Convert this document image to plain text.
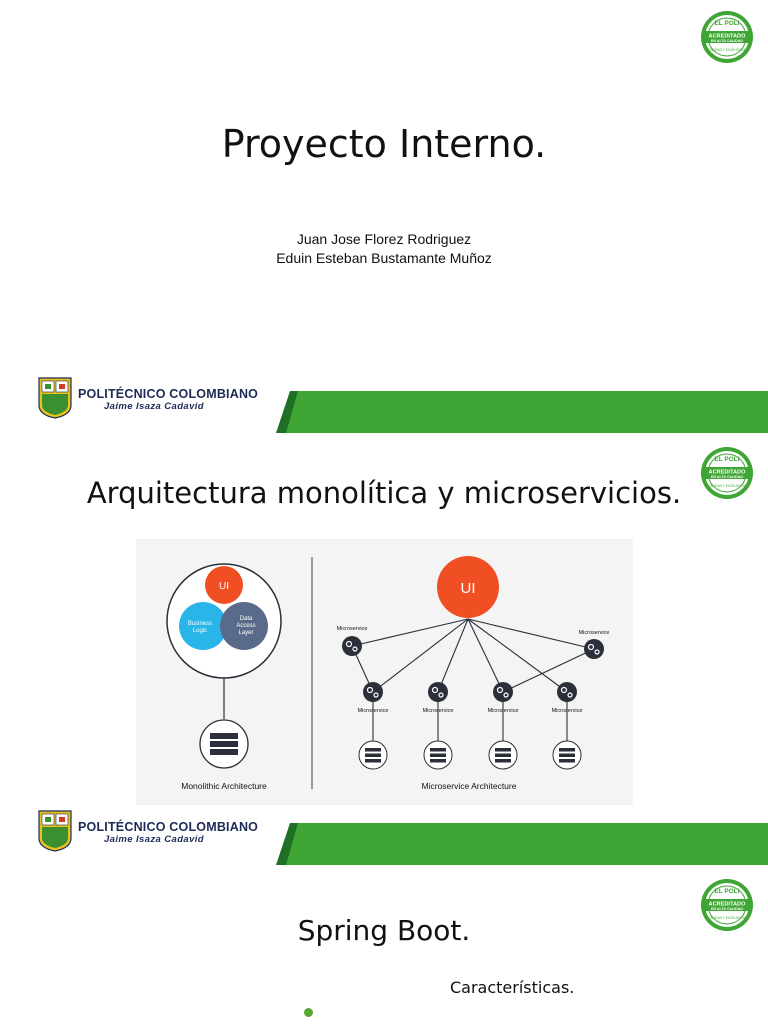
EL POLI
ACREDITADO
EN ALTA CALIDAD
CALIDAD Y EXCELENCIA
Proyecto Interno.
Juan Jose Florez Rodriguez
Eduin Esteban Bustamante Muñoz
POLITÉCNICO COLOMBIANO
Jaime Isaza Cadavid
EL POLI
ACREDITADO
EN ALTA CALIDAD
CALIDAD Y EXCELENCIA
Arquitectura monolítica y microservicios.
UI
Business
Logic
Data
Access
Layer
Monolithic Architecture
UI
Microservice
Microservice
Microservice	Microservice	Microservice	Microservice
Microservice Architecture
POLITÉCNICO COLOMBIANO
Jaime Isaza Cadavid
EL POLI
ACREDITADO
EN ALTA CALIDAD
CALIDAD Y EXCELENCIA
Spring Boot.
Características.
